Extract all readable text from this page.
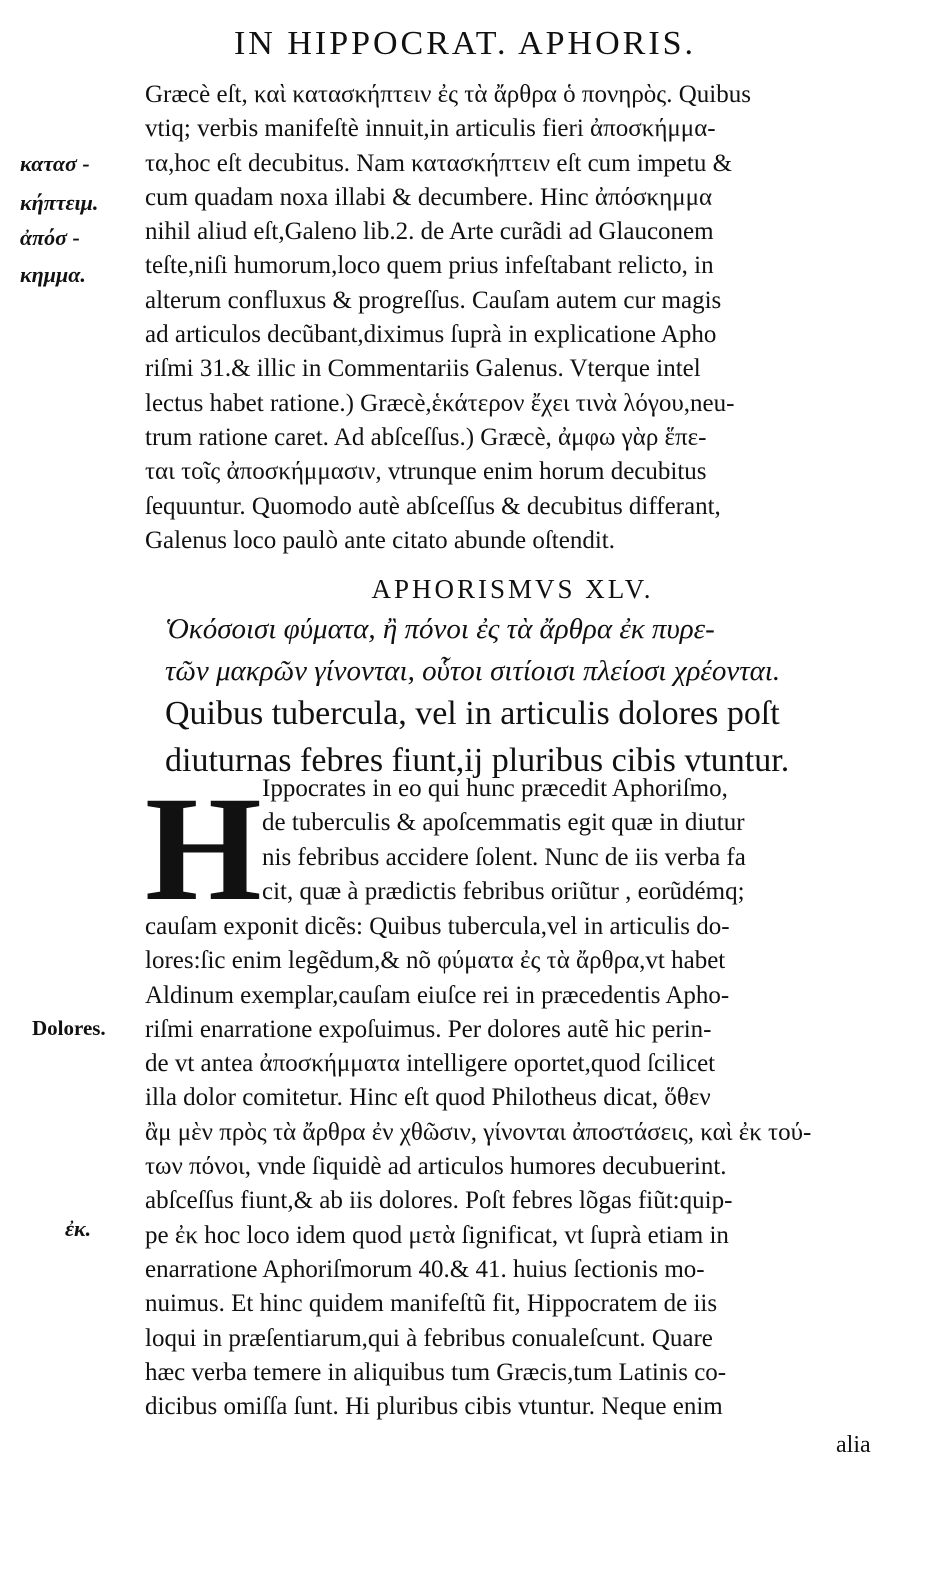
IN HIPPOCRAT. APHORIS.
κατασ -
κήπτειμ.
ἀπόσ -
κημμα.
Dolores.
ἐκ.
Græcè eſt, καὶ κατασκήπτειν ἐς τὰ ἄρθρα ὁ πονηρὸς. Quibus
vtiq; verbis manifeſtè innuit,in articulis fieri ἀποσκήμμα-
τα,hoc eſt decubitus. Nam κατασκήπτειν eſt cum impetu &
cum quadam noxa illabi & decumbere. Hinc ἀπόσκημμα
nihil aliud eſt,Galeno lib.2. de Arte curãdi ad Glauconem
teſte,niſi humorum,loco quem prius infeſtabant relicto, in
alterum confluxus & progreſſus. Cauſam autem cur magis
ad articulos decũbant,diximus ſuprà in explicatione Apho
riſmi 31.& illic in Commentariis Galenus. Vterque intel
lectus habet ratione.) Græcè,ἑκάτερον ἔχει τινὰ λόγου,neu-
trum ratione caret. Ad abſceſſus.) Græcè, ἀμφω γὰρ ἕπε-
ται τοῖς ἀποσκήμμασιν, vtrunque enim horum decubitus
ſequuntur. Quomodo autè abſceſſus & decubitus differant,
Galenus loco paulò ante citato abunde oſtendit.
APHORISMVS XLV.
Ὁκόσοισι φύματα, ἢ πόνοι ἐς τὰ ἄρθρα ἐκ πυρε-
τῶν μακρῶν γίνονται, οὗτοι σιτίοισι πλείοσι χρέονται.
Quibus tubercula, vel in articulis dolores poſt
diuturnas febres fiunt,ij pluribus cibis vtuntur.
H Ippocrates in eo qui hunc præcedit Aphoriſmo,
de tuberculis & apoſcemmatis egit quæ in diutur
nis febribus accidere ſolent. Nunc de iis verba fa
cit, quæ à prædictis febribus oriũtur , eorũdémq;
cauſam exponit dicẽs: Quibus tubercula,vel in articulis do-
lores:ſic enim legẽdum,& nõ φύματα ἐς τὰ ἄρθρα,vt habet
Aldinum exemplar,cauſam eiuſce rei in præcedentis Apho-
riſmi enarratione expoſuimus. Per dolores autẽ hic perin-
de vt antea ἀποσκήμματα intelligere oportet,quod ſcilicet
illa dolor comitetur. Hinc eſt quod Philotheus dicat, ὅθεν
ἂμ μὲν πρὸς τὰ ἄρθρα ἐν χθῶσιν, γίνονται ἀποστάσεις, καὶ ἐκ τού-
των πόνοι, vnde ſiquidè ad articulos humores decubuerint.
abſceſſus fiunt,& ab iis dolores. Poſt febres lõgas fiũt:quip-
pe ἐκ hoc loco idem quod μετὰ ſignificat, vt ſuprà etiam in
enarratione Aphoriſmorum 40.& 41. huius ſectionis mo-
nuimus. Et hinc quidem manifeſtũ fit, Hippocratem de iis
loqui in præſentiarum,qui à febribus conualeſcunt. Quare
hæc verba temere in aliquibus tum Græcis,tum Latinis co-
dicibus omiſſa ſunt. Hi pluribus cibis vtuntur. Neque enim
alia
